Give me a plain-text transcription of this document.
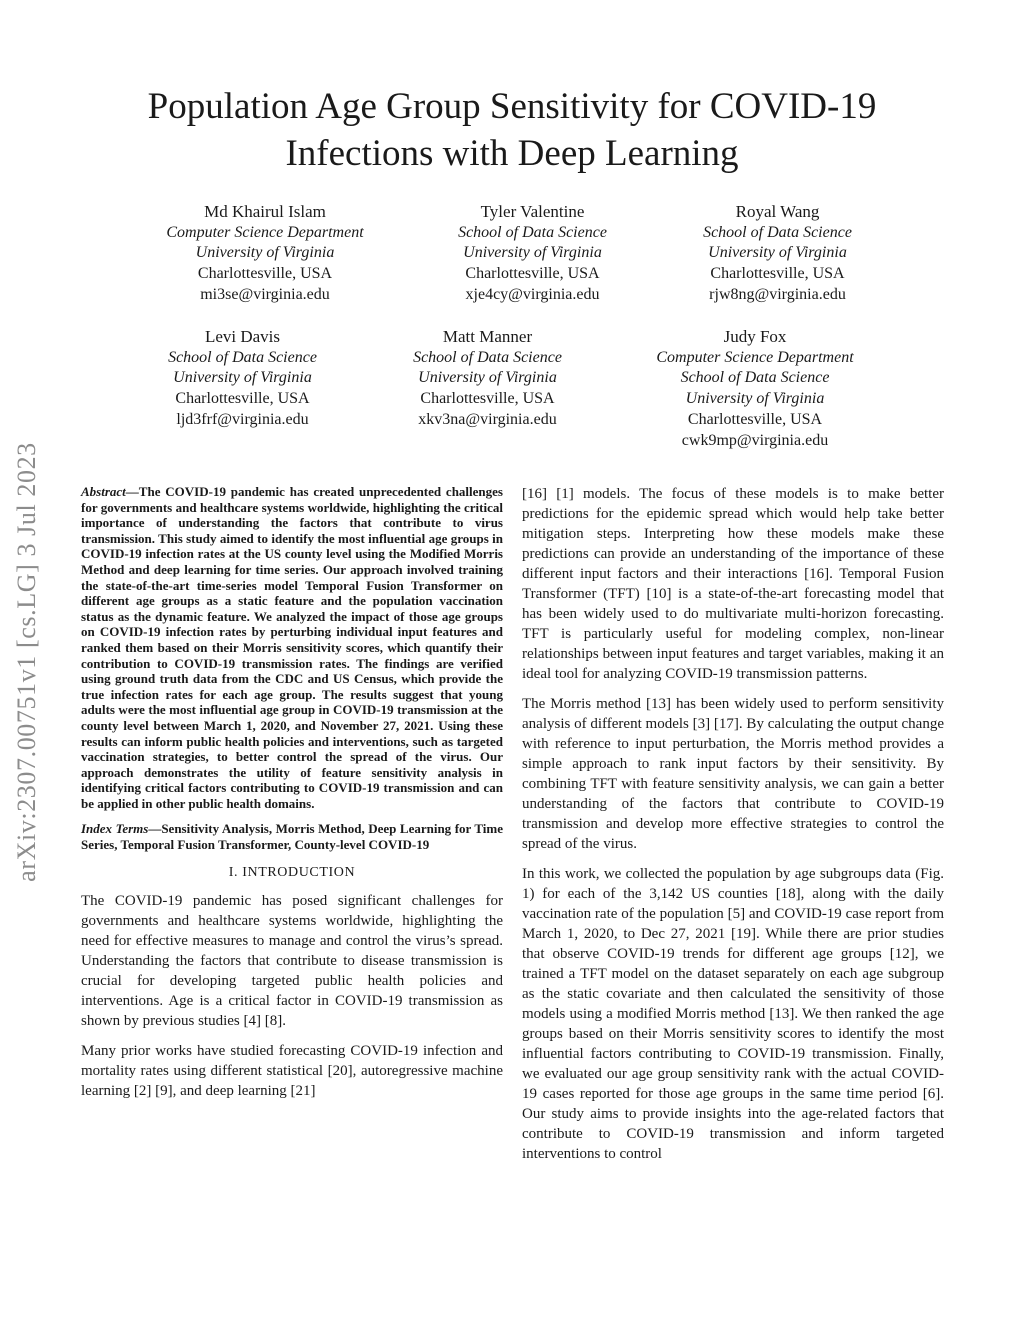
arXiv:2307.00751v1 [cs.LG] 3 Jul 2023
Population Age Group Sensitivity for COVID-19
Infections with Deep Learning
Md Khairul Islam
Computer Science Department
University of Virginia
Charlottesville, USA
mi3se@virginia.edu
Tyler Valentine
School of Data Science
University of Virginia
Charlottesville, USA
xje4cy@virginia.edu
Royal Wang
School of Data Science
University of Virginia
Charlottesville, USA
rjw8ng@virginia.edu
Levi Davis
School of Data Science
University of Virginia
Charlottesville, USA
ljd3frf@virginia.edu
Matt Manner
School of Data Science
University of Virginia
Charlottesville, USA
xkv3na@virginia.edu
Judy Fox
Computer Science Department
School of Data Science
University of Virginia
Charlottesville, USA
cwk9mp@virginia.edu

Abstract—The COVID-19 pandemic has created unprecedented challenges for governments and healthcare systems worldwide, highlighting the critical importance of understanding the factors that contribute to virus transmission. This study aimed to identify the most influential age groups in COVID-19 infection rates at the US county level using the Modified Morris Method and deep learning for time series. Our approach involved training the state-of-the-art time-series model Temporal Fusion Transformer on different age groups as a static feature and the population vaccination status as the dynamic feature. We analyzed the impact of those age groups on COVID-19 infection rates by perturbing individual input features and ranked them based on their Morris sensitivity scores, which quantify their contribution to COVID-19 transmission rates. The findings are verified using ground truth data from the CDC and US Census, which provide the true infection rates for each age group. The results suggest that young adults were the most influential age group in COVID-19 transmission at the county level between March 1, 2020, and November 27, 2021. Using these results can inform public health policies and interventions, such as targeted vaccination strategies, to better control the spread of the virus. Our approach demonstrates the utility of feature sensitivity analysis in identifying critical factors contributing to COVID-19 transmission and can be applied in other public health domains.

Index Terms—Sensitivity Analysis, Morris Method, Deep Learning for Time Series, Temporal Fusion Transformer, County-level COVID-19

I. INTRODUCTION

The COVID-19 pandemic has posed significant challenges for governments and healthcare systems worldwide, highlighting the need for effective measures to manage and control the virus’s spread. Understanding the factors that contribute to disease transmission is crucial for developing targeted public health policies and interventions. Age is a critical factor in COVID-19 transmission as shown by previous studies [4] [8].

Many prior works have studied forecasting COVID-19 infection and mortality rates using different statistical [20], autoregressive machine learning [2] [9], and deep learning [21]

[16] [1] models. The focus of these models is to make better predictions for the epidemic spread which would help take better mitigation steps. Interpreting how these models make these predictions can provide an understanding of the importance of these different input factors and their interactions [16]. Temporal Fusion Transformer (TFT) [10] is a state-of-the-art forecasting model that has been widely used to do multivariate multi-horizon forecasting. TFT is particularly useful for modeling complex, non-linear relationships between input features and target variables, making it an ideal tool for analyzing COVID-19 transmission patterns.

The Morris method [13] has been widely used to perform sensitivity analysis of different models [3] [17]. By calculating the output change with reference to input perturbation, the Morris method provides a simple approach to rank input factors by their sensitivity. By combining TFT with feature sensitivity analysis, we can gain a better understanding of the factors that contribute to COVID-19 transmission and develop more effective strategies to control the spread of the virus.

In this work, we collected the population by age subgroups data (Fig. 1) for each of the 3,142 US counties [18], along with the daily vaccination rate of the population [5] and COVID-19 case report from March 1, 2020, to Dec 27, 2021 [19]. While there are prior studies that observe COVID-19 trends for different age groups [12], we trained a TFT model on the dataset separately on each age subgroup as the static covariate and then calculated the sensitivity of those models using a modified Morris method [13]. We then ranked the age groups based on their Morris sensitivity scores to identify the most influential factors contributing to COVID-19 transmission. Finally, we evaluated our age group sensitivity rank with the actual COVID-19 cases reported for those age groups in the same time period [6]. Our study aims to provide insights into the age-related factors that contribute to COVID-19 transmission and inform targeted interventions to control
